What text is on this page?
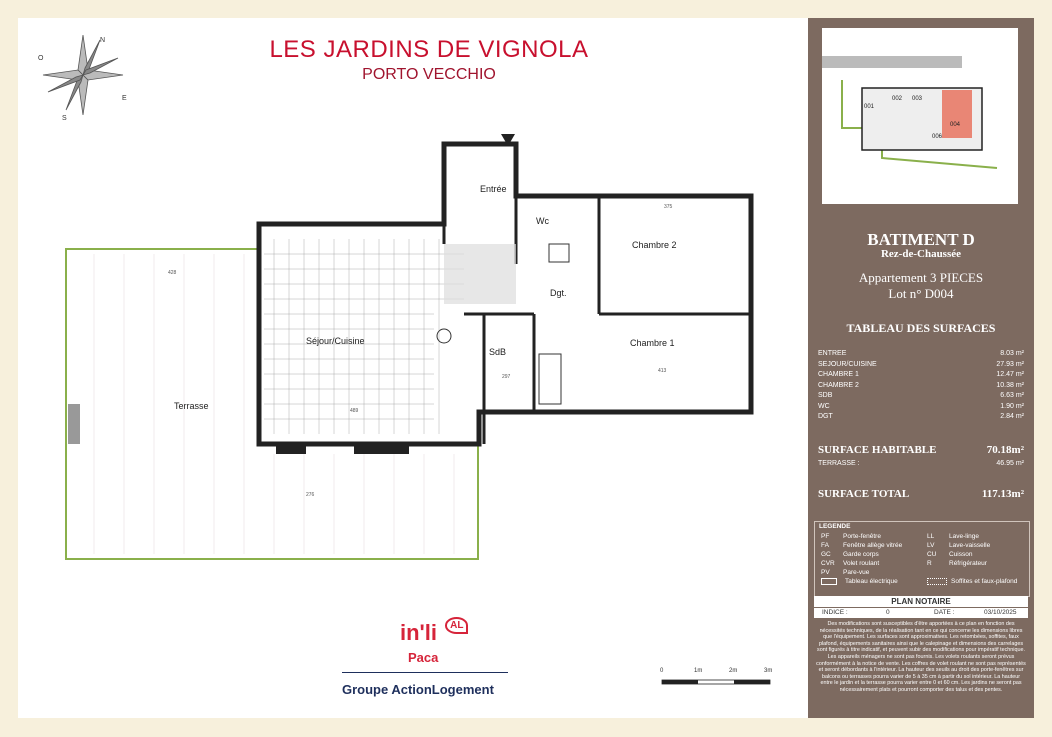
N
E
S
O	LES JARDINS DE VIGNOLA
PORTO VECCHIO
Entrée
Wc
Chambre 2
Dgt.
Séjour/Cuisine
SdB
Chambre 1
Terrasse
375
428
489
297
413
276
in'li $^{AL}$
Paca
Groupe ActionLogement
0	1m	2m	3m
001
002 003
004
006
BATIMENT D
Rez-de-Chaussée
Appartement 3 PIECES
Lot n° D004
TABLEAU DES SURFACES
ENTREE	8.03 m²
SEJOUR/CUISINE	27.93 m²
CHAMBRE 1	12.47 m²
CHAMBRE 2	10.38 m²
SDB	6.63 m²
WC	1.90 m²
DGT	2.84 m²
SURFACE HABITABLE	70.18m²
TERRASSE :	46.95 m²
SURFACE TOTAL	117.13m²
LEGENDE
PF	Porte-fenêtre
FA	Fenêtre allège vitrée
GC	Garde corps
CVR	Volet roulant
PV	Pare-vue
Tableau électrique
LL	Lave-linge
LV	Lave-vaisselle
CU	Cuisson
R	Réfrigérateur
Soffites et faux-plafond
PLAN NOTAIRE
INDICE :	0	DATE :	03/10/2025
Des modifications sont susceptibles d'être apportées à ce plan en fonction des nécessités techniques, de la réalisation tant en ce qui concerne les dimensions libres que l'équipement. Les surfaces sont approximatives. Les retombées, soffites, faux plafond, équipements sanitaires ainsi que le calepinage et dimensions des carrelages sont figurés à titre indicatif, et peuvent subir des modifications pour impératif technique. Les appareils ménagers ne sont pas fournis. Les volets roulants seront prévus conformément à la notice de vente. Les coffres de volet roulant ne sont pas représentés et seront débordants à l'intérieur. La hauteur des seuils au droit des porte-fenêtres sur balcons ou terrasses pourra varier de 5 à 35 cm à partir du sol intérieur. La hauteur entre le jardin et la terrasse pourra varier entre 0 et 60 cm. Les jardins ne seront pas nécessairement plats et pourront comporter des talus et des pentes.
